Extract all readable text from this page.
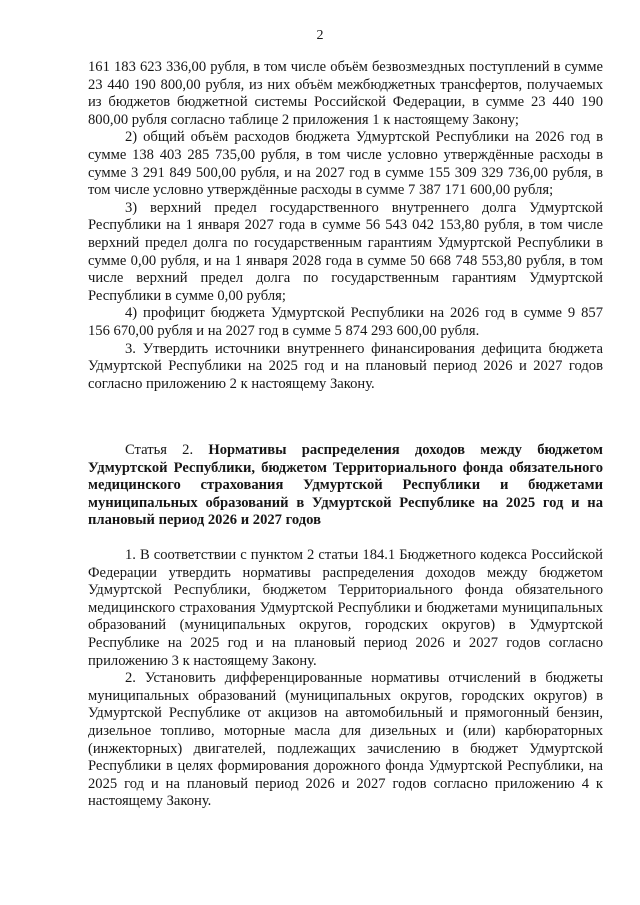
2

161 183 623 336,00 рубля, в том числе объём безвозмездных поступлений в сумме 23 440 190 800,00 рубля, из них объём межбюджетных трансфертов, получаемых из бюджетов бюджетной системы Российской Федерации, в сумме 23 440 190 800,00 рубля согласно таблице 2 приложения 1 к настоящему Закону;

2) общий объём расходов бюджета Удмуртской Республики на 2026 год в сумме 138 403 285 735,00 рубля, в том числе условно утверждённые расходы в сумме 3 291 849 500,00 рубля, и на 2027 год в сумме 155 309 329 736,00 рубля, в том числе условно утверждённые расходы в сумме 7 387 171 600,00 рубля;

3) верхний предел государственного внутреннего долга Удмуртской Республики на 1 января 2027 года в сумме 56 543 042 153,80 рубля, в том числе верхний предел долга по государственным гарантиям Удмуртской Республики в сумме 0,00 рубля, и на 1 января 2028 года в сумме 50 668 748 553,80 рубля, в том числе верхний предел долга по государственным гарантиям Удмуртской Республики в сумме 0,00 рубля;

4) профицит бюджета Удмуртской Республики на 2026 год в сумме 9 857 156 670,00 рубля и на 2027 год в сумме 5 874 293 600,00 рубля.

3. Утвердить источники внутреннего финансирования дефицита бюджета Удмуртской Республики на 2025 год и на плановый период 2026 и 2027 годов согласно приложению 2 к настоящему Закону.

Статья 2. Нормативы распределения доходов между бюджетом Удмуртской Республики, бюджетом Территориального фонда обязательного медицинского страхования Удмуртской Республики и бюджетами муниципальных образований в Удмуртской Республике на 2025 год и на плановый период 2026 и 2027 годов

1. В соответствии с пунктом 2 статьи 184.1 Бюджетного кодекса Российской Федерации утвердить нормативы распределения доходов между бюджетом Удмуртской Республики, бюджетом Территориального фонда обязательного медицинского страхования Удмуртской Республики и бюджетами муниципальных образований (муниципальных округов, городских округов) в Удмуртской Республике на 2025 год и на плановый период 2026 и 2027 годов согласно приложению 3 к настоящему Закону.

2. Установить дифференцированные нормативы отчислений в бюджеты муниципальных образований (муниципальных округов, городских округов) в Удмуртской Республике от акцизов на автомобильный и прямогонный бензин, дизельное топливо, моторные масла для дизельных и (или) карбюраторных (инжекторных) двигателей, подлежащих зачислению в бюджет Удмуртской Республики в целях формирования дорожного фонда Удмуртской Республики, на 2025 год и на плановый период 2026 и 2027 годов согласно приложению 4 к настоящему Закону.
